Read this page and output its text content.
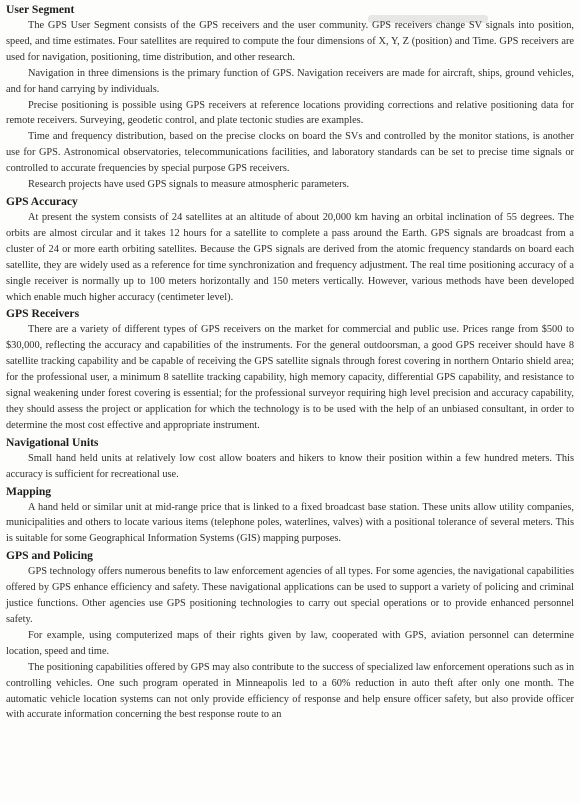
User Segment

The GPS User Segment consists of the GPS receivers and the user community. GPS receivers change SV signals into position, speed, and time estimates. Four satellites are required to compute the four dimensions of X, Y, Z (position) and Time. GPS receivers are used for navigation, positioning, time distribution, and other research.

Navigation in three dimensions is the primary function of GPS. Navigation receivers are made for aircraft, ships, ground vehicles, and for hand carrying by individuals.

Precise positioning is possible using GPS receivers at reference locations providing corrections and relative positioning data for remote receivers. Surveying, geodetic control, and plate tectonic studies are examples.

Time and frequency distribution, based on the precise clocks on board the SVs and controlled by the monitor stations, is another use for GPS. Astronomical observatories, telecommunications facilities, and laboratory standards can be set to precise time signals or controlled to accurate frequencies by special purpose GPS receivers.

Research projects have used GPS signals to measure atmospheric parameters.

GPS Accuracy

At present the system consists of 24 satellites at an altitude of about 20,000 km having an orbital inclination of 55 degrees. The orbits are almost circular and it takes 12 hours for a satellite to complete a pass around the Earth. GPS signals are broadcast from a cluster of 24 or more earth orbiting satellites. Because the GPS signals are derived from the atomic frequency standards on board each satellite, they are widely used as a reference for time synchronization and frequency adjustment. The real time positioning accuracy of a single receiver is normally up to 100 meters horizontally and 150 meters vertically. However, various methods have been developed which enable much higher accuracy (centimeter level).

GPS Receivers

There are a variety of different types of GPS receivers on the market for commercial and public use. Prices range from $500 to $30,000, reflecting the accuracy and capabilities of the instruments. For the general outdoorsman, a good GPS receiver should have 8 satellite tracking capability and be capable of receiving the GPS satellite signals through forest covering in northern Ontario shield area; for the professional user, a minimum 8 satellite tracking capability, high memory capacity, differential GPS capability, and resistance to signal weakening under forest covering is essential; for the professional surveyor requiring high level precision and accuracy capability, they should assess the project or application for which the technology is to be used with the help of an unbiased consultant, in order to determine the most cost effective and appropriate instrument.

Navigational Units

Small hand held units at relatively low cost allow boaters and hikers to know their position within a few hundred meters. This accuracy is sufficient for recreational use.

Mapping

A hand held or similar unit at mid-range price that is linked to a fixed broadcast base station. These units allow utility companies, municipalities and others to locate various items (telephone poles, waterlines, valves) with a positional tolerance of several meters. This is suitable for some Geographical Information Systems (GIS) mapping purposes.

GPS and Policing

GPS technology offers numerous benefits to law enforcement agencies of all types. For some agencies, the navigational capabilities offered by GPS enhance efficiency and safety. These navigational applications can be used to support a variety of policing and criminal justice functions. Other agencies use GPS positioning technologies to carry out special operations or to provide enhanced personnel safety.

For example, using computerized maps of their rights given by law, cooperated with GPS, aviation personnel can determine location, speed and time.

The positioning capabilities offered by GPS may also contribute to the success of specialized law enforcement operations such as in controlling vehicles. One such program operated in Minneapolis led to a 60% reduction in auto theft after only one month. The automatic vehicle location systems can not only provide efficiency of response and help ensure officer safety, but also provide officer with accurate information concerning the best response route to an
